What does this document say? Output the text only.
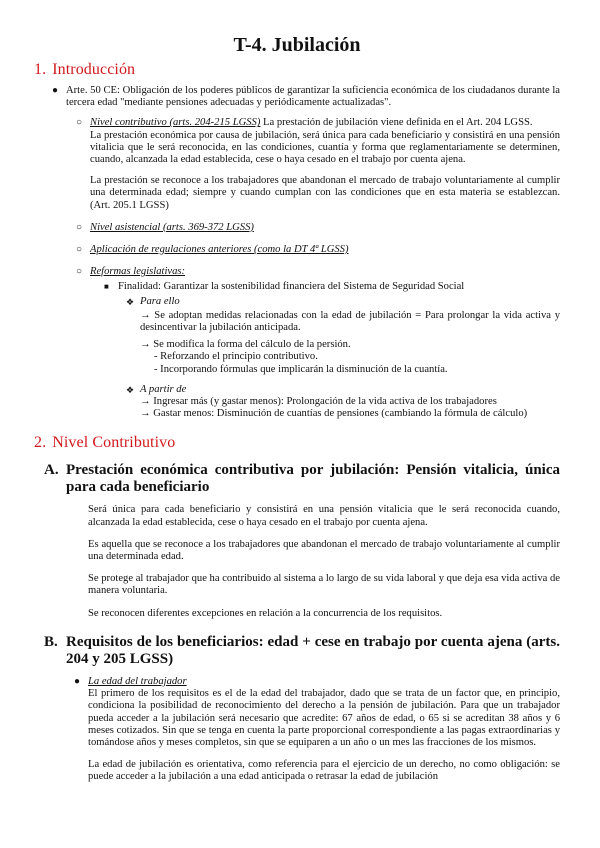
T-4. Jubilación
1. Introducción
● Arte. 50 CE: Obligación de los poderes públicos de garantizar la suficiencia económica de los ciudadanos durante la tercera edad "mediante pensiones adecuadas y periódicamente actualizadas".
○ Nivel contributivo (arts. 204-215 LGSS) La prestación de jubilación viene definida en el Art. 204 LGSS.
La prestación económica por causa de jubilación, será única para cada beneficiario y consistirá en una pensión vitalicia que le será reconocida, en las condiciones, cuantía y forma que reglamentariamente se determinen, cuando, alcanzada la edad establecida, cese o haya cesado en el trabajo por cuenta ajena.
La prestación se reconoce a los trabajadores que abandonan el mercado de trabajo voluntariamente al cumplir una determinada edad; siempre y cuando cumplan con las condiciones que en esta materia se establezcan. (Art. 205.1 LGSS)
○ Nivel asistencial (arts. 369-372 LGSS)
○ Aplicación de regulaciones anteriores (como la DT 4ª LGSS)
○ Reformas legislativas:
■ Finalidad: Garantizar la sostenibilidad financiera del Sistema de Seguridad Social
❖ Para ello
→ Se adoptan medidas relacionadas con la edad de jubilación = Para prolongar la vida activa y desincentivar la jubilación anticipada.
→ Se modifica la forma del cálculo de la persión.
- Reforzando el principio contributivo.
- Incorporando fórmulas que implicarán la disminución de la cuantía.
❖ A partir de
→ Ingresar más (y gastar menos): Prolongación de la vida activa de los trabajadores
→ Gastar menos: Disminución de cuantías de pensiones (cambiando la fórmula de cálculo)
2. Nivel Contributivo
A. Prestación económica contributiva por jubilación: Pensión vitalicia, única para cada beneficiario
Será única para cada beneficiario y consistirá en una pensión vitalicia que le será reconocida cuando, alcanzada la edad establecida, cese o haya cesado en el trabajo por cuenta ajena.
Es aquella que se reconoce a los trabajadores que abandonan el mercado de trabajo voluntariamente al cumplir una determinada edad.
Se protege al trabajador que ha contribuido al sistema a lo largo de su vida laboral y que deja esa vida activa de manera voluntaria.
Se reconocen diferentes excepciones en relación a la concurrencia de los requisitos.
B. Requisitos de los beneficiarios: edad + cese en trabajo por cuenta ajena (arts. 204 y 205 LGSS)
● La edad del trabajador
El primero de los requisitos es el de la edad del trabajador, dado que se trata de un factor que, en principio, condiciona la posibilidad de reconocimiento del derecho a la pensión de jubilación. Para que un trabajador pueda acceder a la jubilación será necesario que acredite: 67 años de edad, o 65 si se acreditan 38 años y 6 meses cotizados. Sin que se tenga en cuenta la parte proporcional correspondiente a las pagas extraordinarias y tomándose años y meses completos, sin que se equiparen a un año o un mes las fracciones de los mismos.
La edad de jubilación es orientativa, como referencia para el ejercicio de un derecho, no como obligación: se puede acceder a la jubilación a una edad anticipada o retrasar la edad de jubilación
